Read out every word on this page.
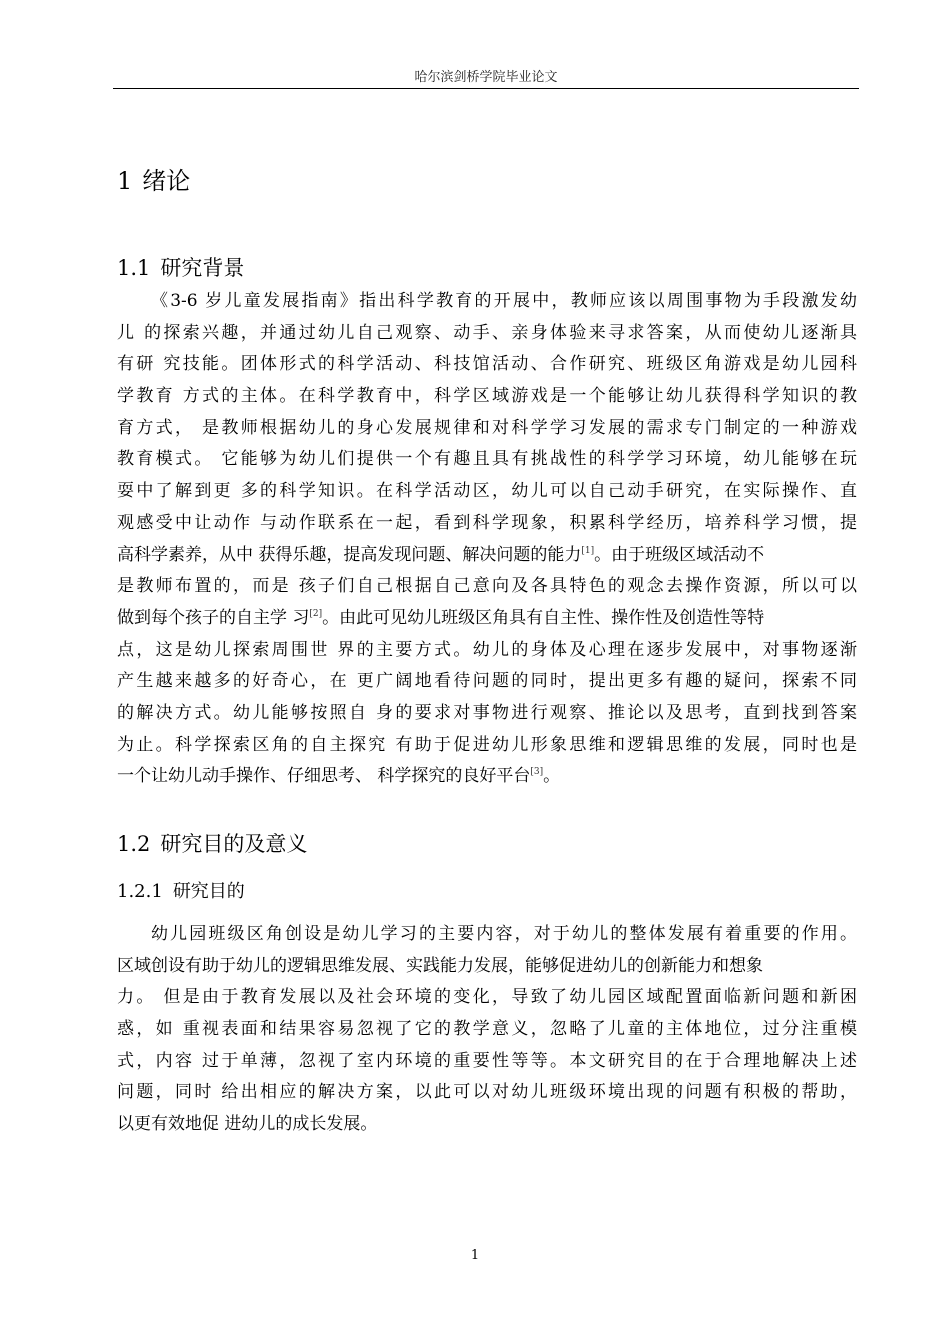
哈尔滨剑桥学院毕业论文
1 绪论
1.1 研究背景
《3-6 岁儿童发展指南》指出科学教育的开展中，教师应该以周围事物为手段激发幼
儿 的探索兴趣，并通过幼儿自己观察、动手、亲身体验来寻求答案，从而使幼儿逐渐具
有研 究技能。团体形式的科学活动、科技馆活动、合作研究、班级区角游戏是幼儿园科
学教育 方式的主体。在科学教育中，科学区域游戏是一个能够让幼儿获得科学知识的教
育方式， 是教师根据幼儿的身心发展规律和对科学学习发展的需求专门制定的一种游戏
教育模式。 它能够为幼儿们提供一个有趣且具有挑战性的科学学习环境，幼儿能够在玩
耍中了解到更 多的科学知识。在科学活动区，幼儿可以自己动手研究，在实际操作、直
观感受中让动作 与动作联系在一起，看到科学现象，积累科学经历，培养科学习惯，提
高科学素养，从中 获得乐趣，提高发现问题、解决问题的能力[1]。由于班级区域活动不
是教师布置的，而是 孩子们自己根据自己意向及各具特色的观念去操作资源，所以可以
做到每个孩子的自主学 习[2]。由此可见幼儿班级区角具有自主性、操作性及创造性等特
点，这是幼儿探索周围世 界的主要方式。幼儿的身体及心理在逐步发展中，对事物逐渐
产生越来越多的好奇心，在 更广阔地看待问题的同时，提出更多有趣的疑问，探索不同
的解决方式。幼儿能够按照自 身的要求对事物进行观察、推论以及思考，直到找到答案
为止。科学探索区角的自主探究 有助于促进幼儿形象思维和逻辑思维的发展，同时也是
一个让幼儿动手操作、仔细思考、 科学探究的良好平台[3]。
1.2 研究目的及意义
1.2.1 研究目的
幼儿园班级区角创设是幼儿学习的主要内容，对于幼儿的整体发展有着重要的作用。
区域创设有助于幼儿的逻辑思维发展、实践能力发展，能够促进幼儿的创新能力和想象
力。 但是由于教育发展以及社会环境的变化，导致了幼儿园区域配置面临新问题和新困
惑，如 重视表面和结果容易忽视了它的教学意义，忽略了儿童的主体地位，过分注重模
式，内容 过于单薄，忽视了室内环境的重要性等等。本文研究目的在于合理地解决上述
问题，同时 给出相应的解决方案，以此可以对幼儿班级环境出现的问题有积极的帮助，
以更有效地促 进幼儿的成长发展。
1
